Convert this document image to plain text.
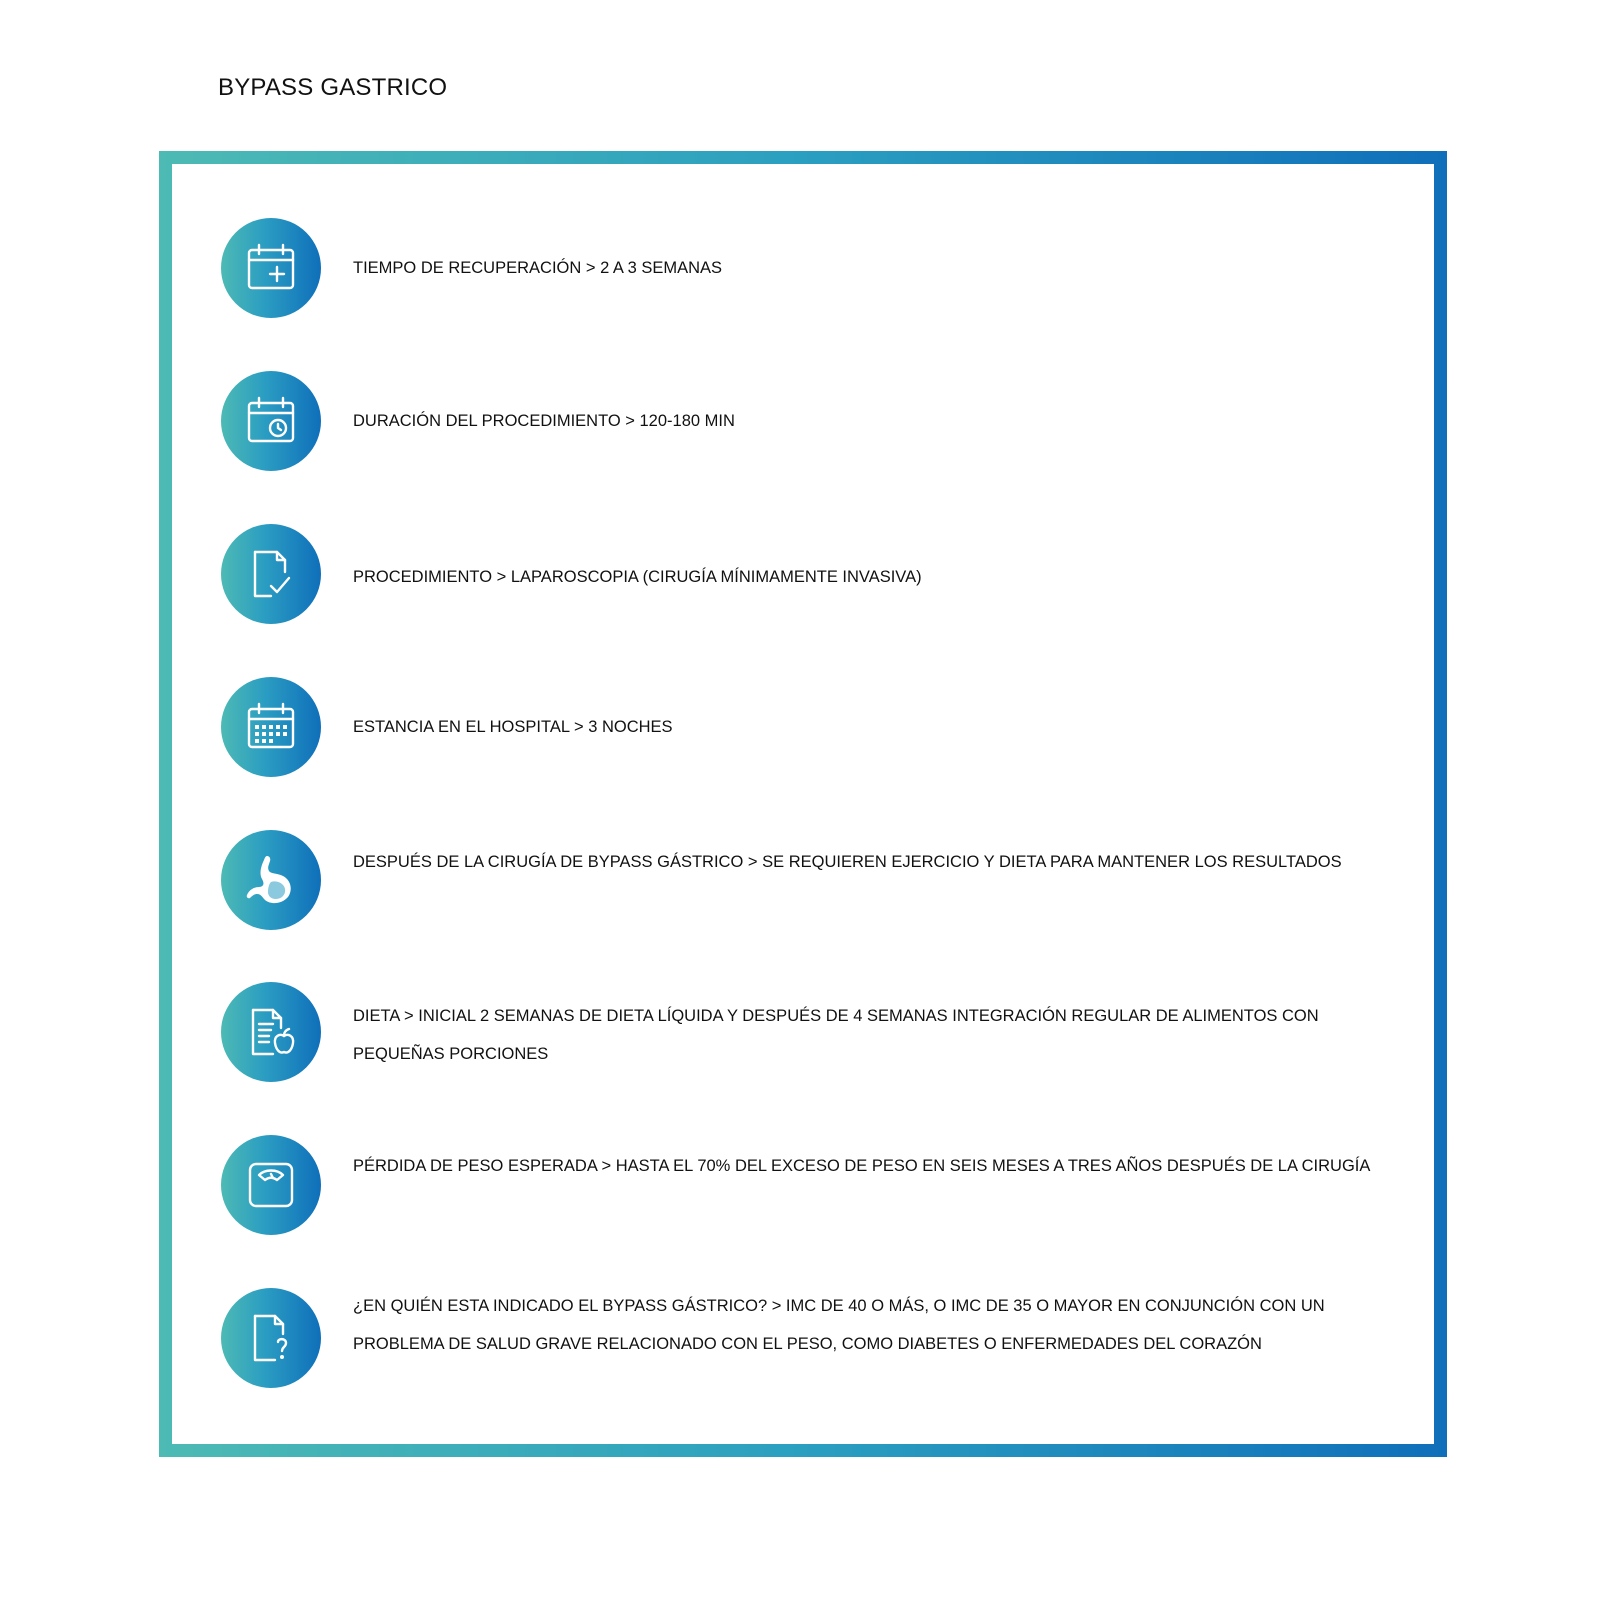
BYPASS GASTRICO
TIEMPO DE RECUPERACIÓN > 2 A 3 SEMANAS
DURACIÓN DEL PROCEDIMIENTO > 120-180 MIN
PROCEDIMIENTO > LAPAROSCOPIA (CIRUGÍA MÍNIMAMENTE INVASIVA)
ESTANCIA EN EL HOSPITAL > 3 NOCHES
DESPUÉS DE LA CIRUGÍA DE BYPASS GÁSTRICO > SE REQUIEREN EJERCICIO Y DIETA PARA MANTENER LOS RESULTADOS
DIETA > INICIAL 2 SEMANAS DE DIETA LÍQUIDA Y DESPUÉS DE 4 SEMANAS INTEGRACIÓN REGULAR DE ALIMENTOS CON
PEQUEÑAS PORCIONES
PÉRDIDA DE PESO ESPERADA > HASTA EL 70% DEL EXCESO DE PESO EN SEIS MESES A TRES AÑOS DESPUÉS DE LA CIRUGÍA
¿EN QUIÉN ESTA INDICADO EL BYPASS GÁSTRICO? > IMC DE 40 O MÁS, O IMC DE 35 O MAYOR EN CONJUNCIÓN CON UN
PROBLEMA DE SALUD GRAVE RELACIONADO CON EL PESO, COMO DIABETES O ENFERMEDADES DEL CORAZÓN
